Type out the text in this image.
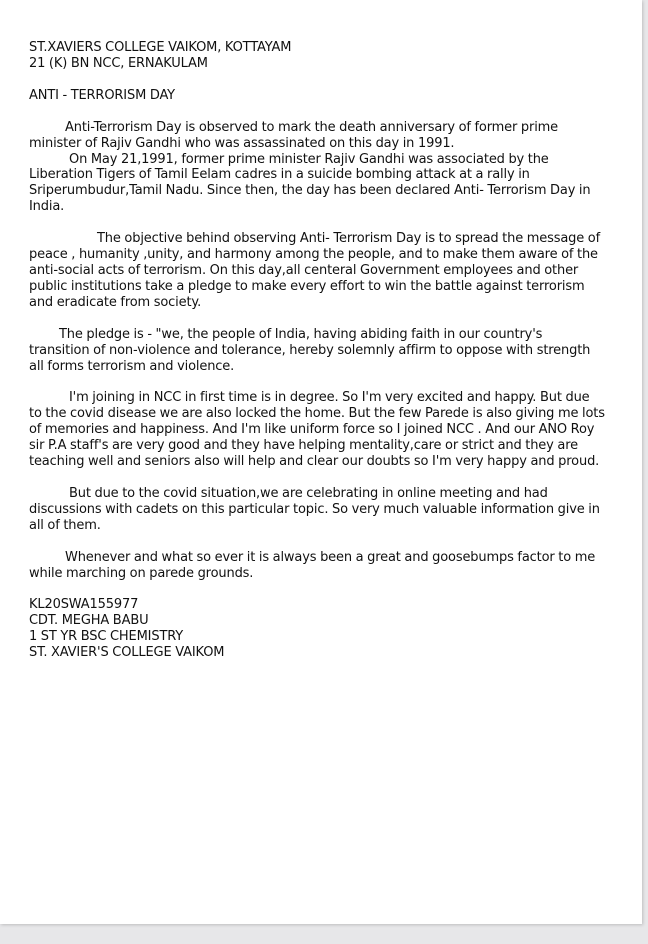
ST.XAVIERS COLLEGE VAIKOM, KOTTAYAM

21 (K) BN NCC, ERNAKULAM

ANTI - TERRORISM DAY

Anti-Terrorism Day is observed to mark the death anniversary of former prime minister of Rajiv Gandhi who was assassinated on this day in 1991.

On May 21,1991, former prime minister Rajiv Gandhi was associated by the Liberation Tigers of Tamil Eelam cadres in a suicide bombing attack at a rally in Sriperumbudur,Tamil Nadu. Since then, the day has been declared Anti- Terrorism Day in India.

The objective behind observing Anti- Terrorism Day is to spread the message of peace , humanity ,unity, and harmony among the people, and to make them aware of the anti-social acts of terrorism. On this day,all centeral Government employees and other public institutions take a pledge to make every effort to win the battle against terrorism and eradicate from society.

The pledge is - "we, the people of India, having abiding faith in our country's transition of non-violence and tolerance, hereby solemnly affirm to oppose with strength all forms terrorism and violence.

I'm joining in NCC in first time is in degree. So I'm very excited and happy. But due to the covid disease we are also locked the home. But the few Parede is also giving me lots of memories and happiness. And I'm like uniform force so I joined NCC . And our ANO Roy sir P.A staff's are very good and they have helping mentality,care or strict and they are teaching well and seniors also will help and clear our doubts so I'm very happy and proud.

But due to the covid situation,we are celebrating in online meeting and had discussions with cadets on this particular topic. So very much valuable information give in all of them.

Whenever and what so ever it is always been a great and goosebumps factor to me while marching on parede grounds.

KL20SWA155977

CDT. MEGHA BABU

1 ST YR BSC CHEMISTRY

ST. XAVIER'S COLLEGE VAIKOM
